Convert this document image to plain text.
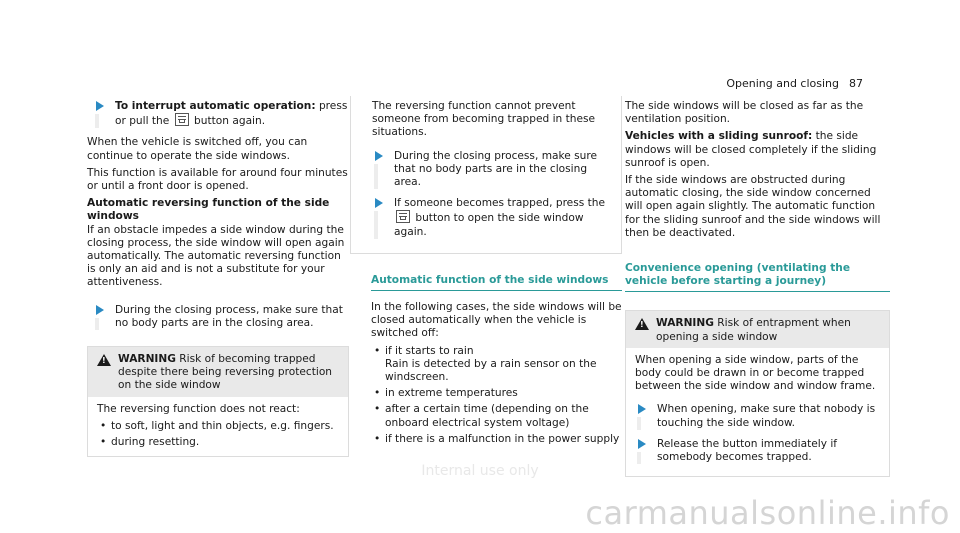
Opening and closing 87
To interrupt automatic operation: press or pull the  button again.

When the vehicle is switched off, you can continue to operate the side windows.

This function is available for around four minutes or until a front door is opened.

Automatic reversing function of the side windows

If an obstacle impedes a side window during the closing process, the side window will open again automatically. The automatic reversing function is only an aid and is not a substitute for your attentiveness.

During the closing process, make sure that no body parts are in the closing area.
!
WARNING Risk of becoming trapped despite there being reversing protection on the side window

The reversing function does not react:

• to soft, light and thin objects, e.g. fingers.
• during resetting.

The reversing function cannot prevent someone from becoming trapped in these situations.

During the closing process, make sure that no body parts are in the closing area.
If someone becomes trapped, press the
button to open the side window again.

Automatic function of the side windows

In the following cases, the side windows will be closed automatically when the vehicle is switched off:

• if it starts to rain
Rain is detected by a rain sensor on the windscreen.
• in extreme temperatures
• after a certain time (depending on the onboard electrical system voltage)
• if there is a malfunction in the power supply

The side windows will be closed as far as the ventilation position.

Vehicles with a sliding sunroof: the side windows will be closed completely if the sliding sunroof is open.

If the side windows are obstructed during automatic closing, the side window concerned will open again slightly. The automatic function for the sliding sunroof and the side windows will then be deactivated.

Convenience opening (ventilating the vehicle before starting a journey)

!
WARNING Risk of entrapment when opening a side window

When opening a side window, parts of the body could be drawn in or become trapped between the side window and window frame.

When opening, make sure that nobody is touching the side window.
Release the button immediately if somebody becomes trapped.
Internal use only
carmanualsonline.info
